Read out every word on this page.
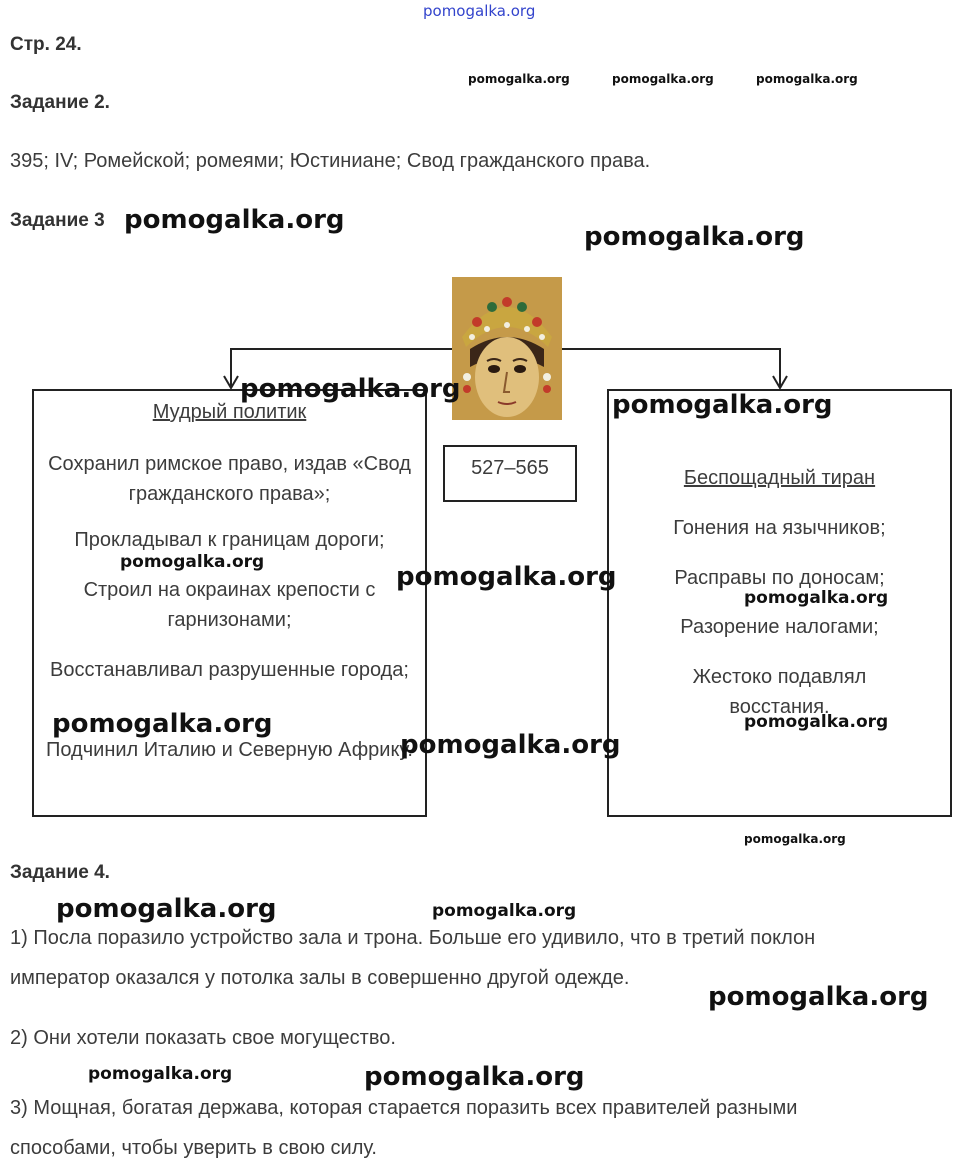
pomogalka.org
Стр. 24.
pomogalka.org	pomogalka.org	pomogalka.org
Задание 2.
395; IV; Ромейской; ромеями; Юстиниане; Свод гражданского права.
Задание 3 pomogalka.org
pomogalka.org
527–565
Мудрый политик
Сохранил римское право, издав «Свод гражданского права»;
Прокладывал к границам дороги;
Строил на окраинах крепости с гарнизонами;
Восстанавливал разрушенные города;
Подчинил Италию и Северную Африку.
Беспощадный тиран
Гонения на язычников;
Расправы по доносам;
Разорение налогами;
Жестоко подавлял восстания.
pomogalka.org
pomogalka.org
pomogalka.org	pomogalka.org
pomogalka.org
pomogalka.org	pomogalka.org
pomogalka.org
pomogalka.org
Задание 4.
pomogalka.org	pomogalka.org
1) Посла поразило устройство зала и трона. Больше его удивило, что в третий поклон император оказался у потолка залы в совершенно другой одежде.
pomogalka.org
2) Они хотели показать свое могущество.
pomogalka.org	pomogalka.org
3) Мощная, богатая держава, которая старается поразить всех правителей разными способами, чтобы уверить в свою силу.
